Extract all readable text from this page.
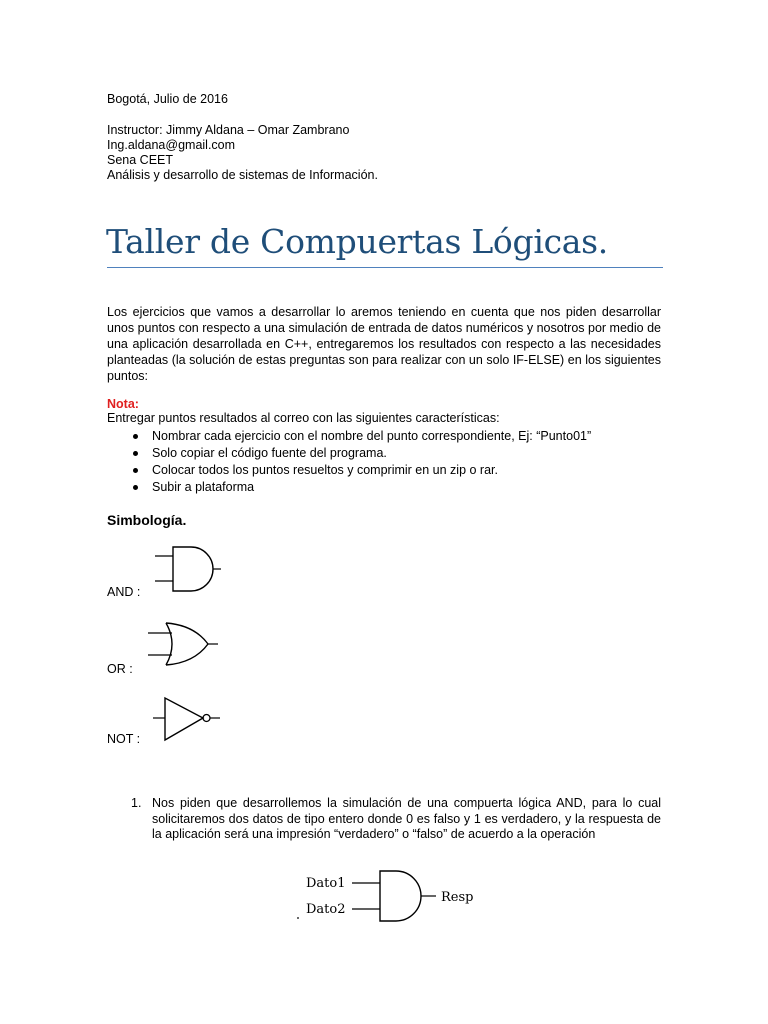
Bogotá, Julio de 2016
Instructor: Jimmy Aldana – Omar Zambrano
Ing.aldana@gmail.com
Sena CEET
Análisis y desarrollo de sistemas de Información.
Taller de Compuertas Lógicas.
Los ejercicios que vamos a desarrollar lo aremos teniendo en cuenta que nos piden desarrollar unos puntos con respecto a una simulación de entrada de datos numéricos y nosotros por medio de una aplicación desarrollada en C++, entregaremos los resultados con respecto a las necesidades planteadas (la solución de estas preguntas son para realizar con un solo IF-ELSE) en los siguientes puntos:
Nota:
Entregar puntos resultados al correo con las siguientes características:
Nombrar cada ejercicio con el nombre del punto correspondiente, Ej: “Punto01”
Solo copiar el código fuente del programa.
Colocar todos los puntos resueltos y comprimir en un zip o rar.
Subir a plataforma
Simbología.
AND :
OR :
NOT :
1. Nos piden que desarrollemos la simulación de una compuerta lógica AND, para lo cual solicitaremos dos datos de tipo entero donde 0 es falso y 1 es verdadero, y la respuesta de la aplicación será una impresión “verdadero” o “falso” de acuerdo a la operación
Dato1
Dato2
Resp
